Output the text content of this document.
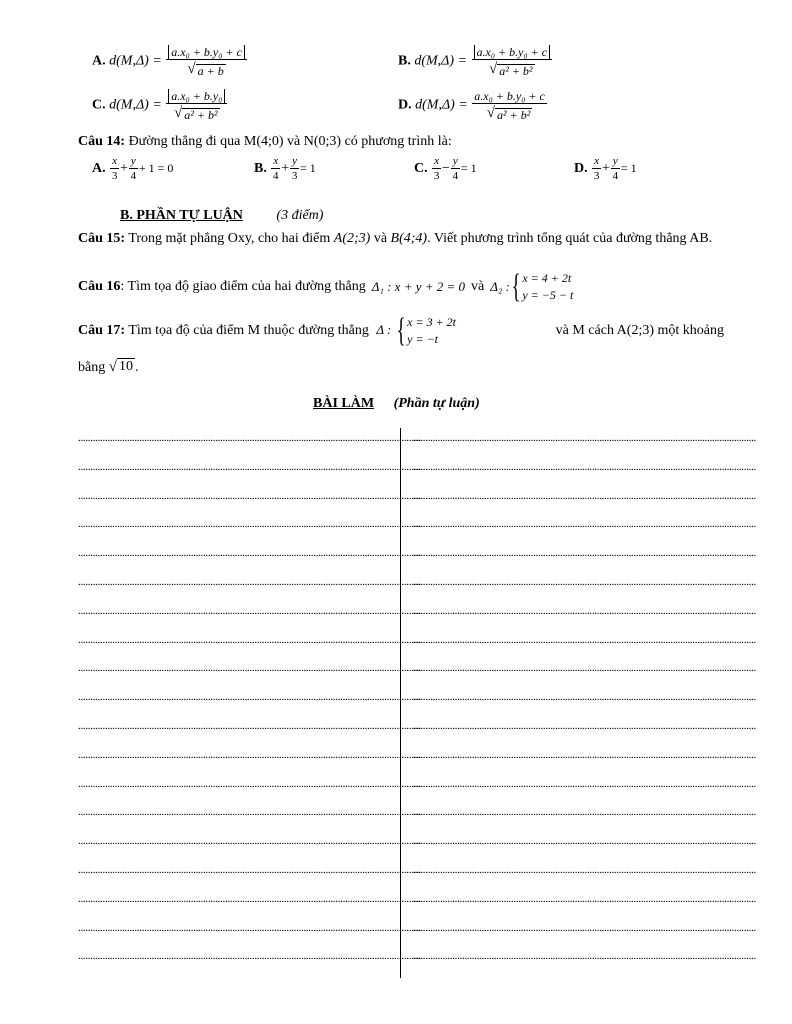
A. $d(M,\Delta) = \frac{\text{a.x₀ + b.y₀ + c}}{√ a + b}$	B. $d(M,\Delta) = \frac{\text{a.x₀ + b.y₀ + c}}{\text{√ a² + b²}}$
C. $d(M,\Delta) = \frac{\text{a.x₀ + b.y₀}}{\text{√ a² + b²}}$	D. $d(M,\Delta) = \frac{\text{a.x₀ + b.y₀ + c}}{\text{√ a² + b²}}$
Câu 14: Đường thẳng đi qua M(4;0) và N(0;3) có phương trình là:
A. $\frac{x}{3} + \frac{y}{4} + 1 = 0$	B. $\frac{x}{4} + \frac{y}{3} = 1$	C. $\frac{x}{3} - \frac{y}{4} = 1$	D. $\frac{x}{3} + \frac{y}{4} = 1$
B. PHẦN TỰ LUẬN (3 điểm)
Câu 15: Trong mặt phẳng Oxy, cho hai điểm A(2;3) và B(4;4). Viết phương trình tổng quát của đường thẳng AB.
Câu 16 : Tìm tọa độ giao điểm của hai đường thẳng Δ₁ : x + y + 2 = 0 và Δ₂ : { x = 4 + 2t
y = −5 − t
Câu 17: Tìm tọa độ của điểm M thuộc đường thẳng Δ : { x = 3 + 2t
y = −t
và M cách A(2;3) một khoảng
bằng √ 10 .
BÀI LÀM (Phần tự luận)
............................................................................................................................................
............................................................................................................................................
............................................................................................................................................
............................................................................................................................................
............................................................................................................................................
............................................................................................................................................
............................................................................................................................................
............................................................................................................................................
............................................................................................................................................
............................................................................................................................................
............................................................................................................................................
............................................................................................................................................
............................................................................................................................................
............................................................................................................................................
............................................................................................................................................
............................................................................................................................................
............................................................................................................................................
............................................................................................................................................
............................................................................................................................................
............................................................................................................................................
............................................................................................................................................
............................................................................................................................................
............................................................................................................................................
............................................................................................................................................
............................................................................................................................................
............................................................................................................................................
............................................................................................................................................
............................................................................................................................................
............................................................................................................................................
............................................................................................................................................
............................................................................................................................................
............................................................................................................................................
............................................................................................................................................
............................................................................................................................................
............................................................................................................................................
............................................................................................................................................
............................................................................................................................................
............................................................................................................................................
